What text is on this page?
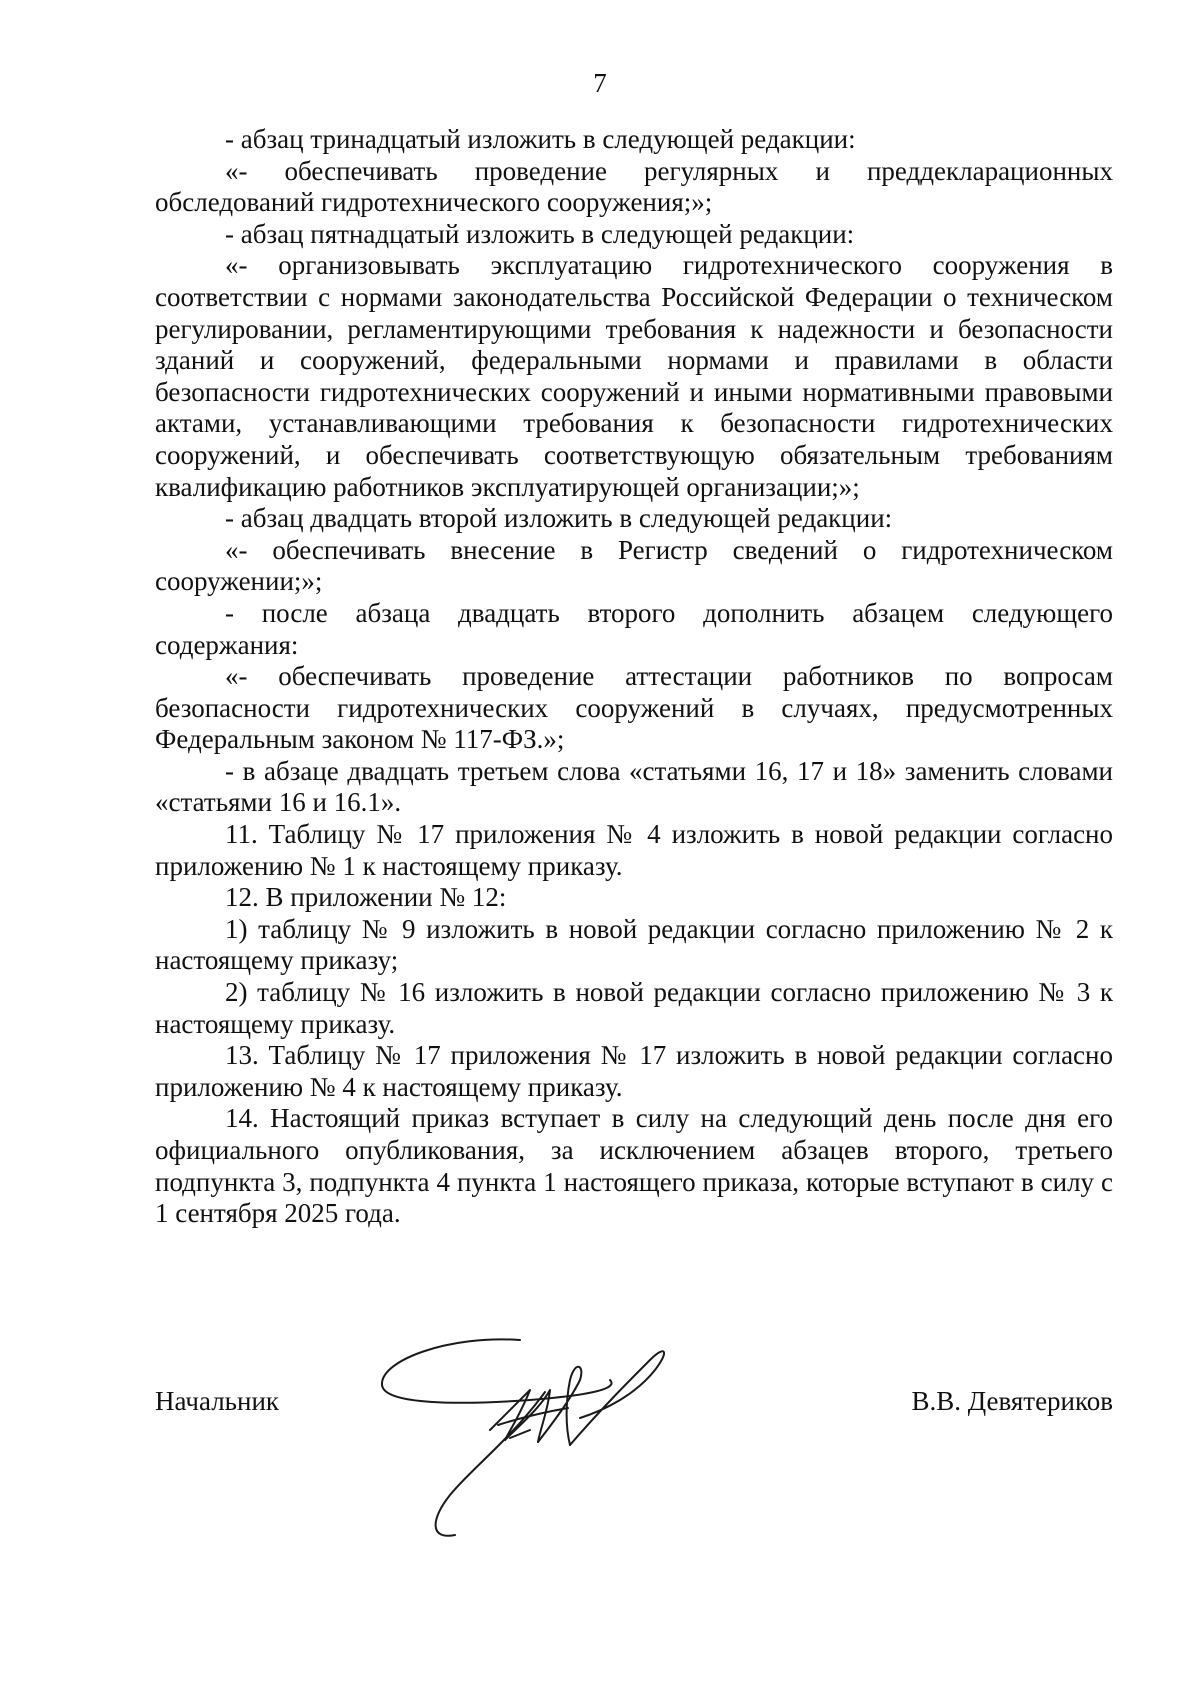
7

- абзац тринадцатый изложить в следующей редакции:

«- обеспечивать проведение регулярных и преддекларационных обследований гидротехнического сооружения;»;

- абзац пятнадцатый изложить в следующей редакции:

«- организовывать эксплуатацию гидротехнического сооружения в соответствии с нормами законодательства Российской Федерации о техническом регулировании, регламентирующими требования к надежности и безопасности зданий и сооружений, федеральными нормами и правилами в области безопасности гидротехнических сооружений и иными нормативными правовыми актами, устанавливающими требования к безопасности гидротехнических сооружений, и обеспечивать соответствующую обязательным требованиям квалификацию работников эксплуатирующей организации;»;

- абзац двадцать второй изложить в следующей редакции:

«- обеспечивать внесение в Регистр сведений о гидротехническом сооружении;»;

- после абзаца двадцать второго дополнить абзацем следующего содержания:

«- обеспечивать проведение аттестации работников по вопросам безопасности гидротехнических сооружений в случаях, предусмотренных Федеральным законом № 117-ФЗ.»;

- в абзаце двадцать третьем слова «статьями 16, 17 и 18» заменить словами «статьями 16 и 16.1».

11. Таблицу № 17 приложения № 4 изложить в новой редакции согласно приложению № 1 к настоящему приказу.

12. В приложении № 12:

1) таблицу № 9 изложить в новой редакции согласно приложению № 2 к настоящему приказу;

2) таблицу № 16 изложить в новой редакции согласно приложению № 3 к настоящему приказу.

13. Таблицу № 17 приложения № 17 изложить в новой редакции согласно приложению № 4 к настоящему приказу.

14. Настоящий приказ вступает в силу на следующий день после дня его официального опубликования, за исключением абзацев второго, третьего подпункта 3, подпункта 4 пункта 1 настоящего приказа, которые вступают в силу с 1 сентября 2025 года.

Начальник	В.В. Девятериков
